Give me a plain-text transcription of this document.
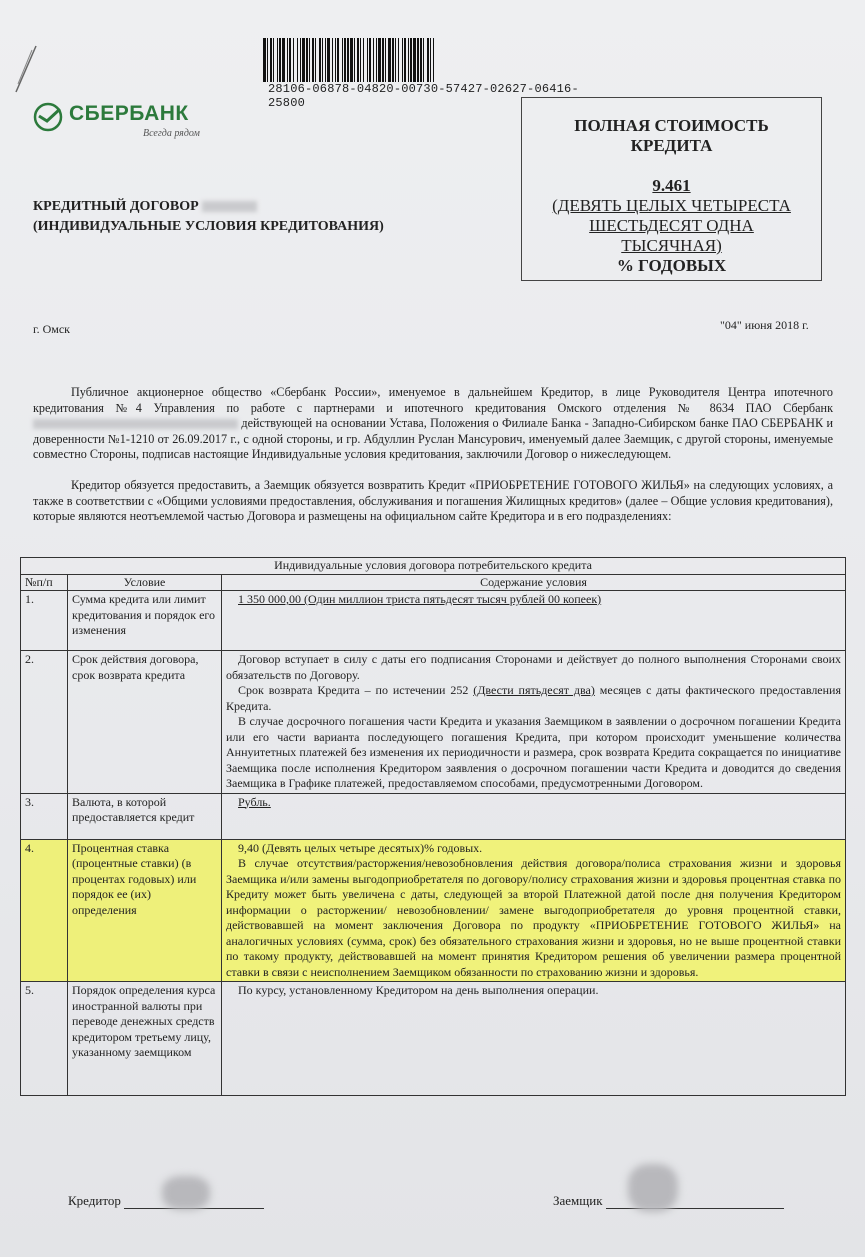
28106-06878-04820-00730-57427-02627-06416-25800
СБЕРБАНК
Всегда рядом	ПОЛНАЯ СТОИМОСТЬ
КРЕДИТА
9.461
(ДЕВЯТЬ ЦЕЛЫХ ЧЕТЫРЕСТА
ШЕСТЬДЕСЯТ ОДНА
ТЫСЯЧНАЯ)
% ГОДОВЫХ
КРЕДИТНЫЙ ДОГОВОР
(ИНДИВИДУАЛЬНЫЕ УСЛОВИЯ КРЕДИТОВАНИЯ)
г. Омск	"04" июня 2018 г.
Публичное акционерное общество «Сбербанк России», именуемое в дальнейшем Кредитор, в лице Руководителя Центра ипотечного кредитования №4 Управления по работе с партнерами и ипотечного кредитования Омского отделения № 8634 ПАО Сбербанк  действующей на основании Устава, Положения о Филиале Банка - Западно-Сибирском банке ПАО СБЕРБАНК и доверенности №1-1210 от 26.09.2017 г., с одной стороны, и гр. Абдуллин Руслан Мансурович, именуемый далее Заемщик, с другой стороны, именуемые совместно Стороны, подписав настоящие Индивидуальные условия кредитования, заключили Договор о нижеследующем.
Кредитор обязуется предоставить, а Заемщик обязуется возвратить Кредит «ПРИОБРЕТЕНИЕ ГОТОВОГО ЖИЛЬЯ» на следующих условиях, а также в соответствии с «Общими условиями предоставления, обслуживания и погашения Жилищных кредитов» (далее – Общие условия кредитования), которые являются неотъемлемой частью Договора и размещены на официальном сайте Кредитора и в его подразделениях:
Индивидуальные условия договора потребительского кредита
№п/п	Условие	Содержание условия
1.	Сумма кредита или лимит кредитования и порядок его изменения	

1 350 000,00 (Один миллион триста пятьдесят тысяч рублей 00 копеек)

2.	Срок действия договора, срок возврата кредита	

Договор вступает в силу с даты его подписания Сторонами и действует до полного выполнения Сторонами своих обязательств по Договору.

Срок возврата Кредита – по истечении 252 (Двести пятьдесят два) месяцев с даты фактического предоставления Кредита.

В случае досрочного погашения части Кредита и указания Заемщиком в заявлении о досрочном погашении Кредита или его части варианта последующего погашения Кредита, при котором происходит уменьшение количества Аннуитетных платежей без изменения их периодичности и размера, срок возврата Кредита сокращается по инициативе Заемщика после исполнения Кредитором заявления о досрочном погашении части Кредита и доводится до сведения Заемщика в Графике платежей, предоставляемом способами, предусмотренными Договором.

3.	Валюта, в которой предоставляется кредит	

Рубль.

4.	Процентная ставка (процентные ставки) (в процентах годовых) или порядок ее (их) определения	

9,40 (Девять целых четыре десятых)% годовых.

В случае отсутствия/расторжения/невозобновления действия договора/полиса страхования жизни и здоровья Заемщика и/или замены выгодоприобретателя по договору/полису страхования жизни и здоровья процентная ставка по Кредиту может быть увеличена с даты, следующей за второй Платежной датой после дня получения Кредитором информации о расторжении/ невозобновлении/ замене выгодоприобретателя до уровня процентной ставки, действовавшей на момент заключения Договора по продукту «ПРИОБРЕТЕНИЕ ГОТОВОГО ЖИЛЬЯ» на аналогичных условиях (сумма, срок) без обязательного страхования жизни и здоровья, но не выше процентной ставки по такому продукту, действовавшей на момент принятия Кредитором решения об увеличении размера процентной ставки в связи с неисполнением Заемщиком обязанности по страхованию жизни и здоровья.

5.	Порядок определения курса иностранной валюты при переводе денежных средств кредитором третьему лицу, указанному заемщиком	

По курсу, установленному Кредитором на день выполнения операции.

Кредитор	Заемщик
